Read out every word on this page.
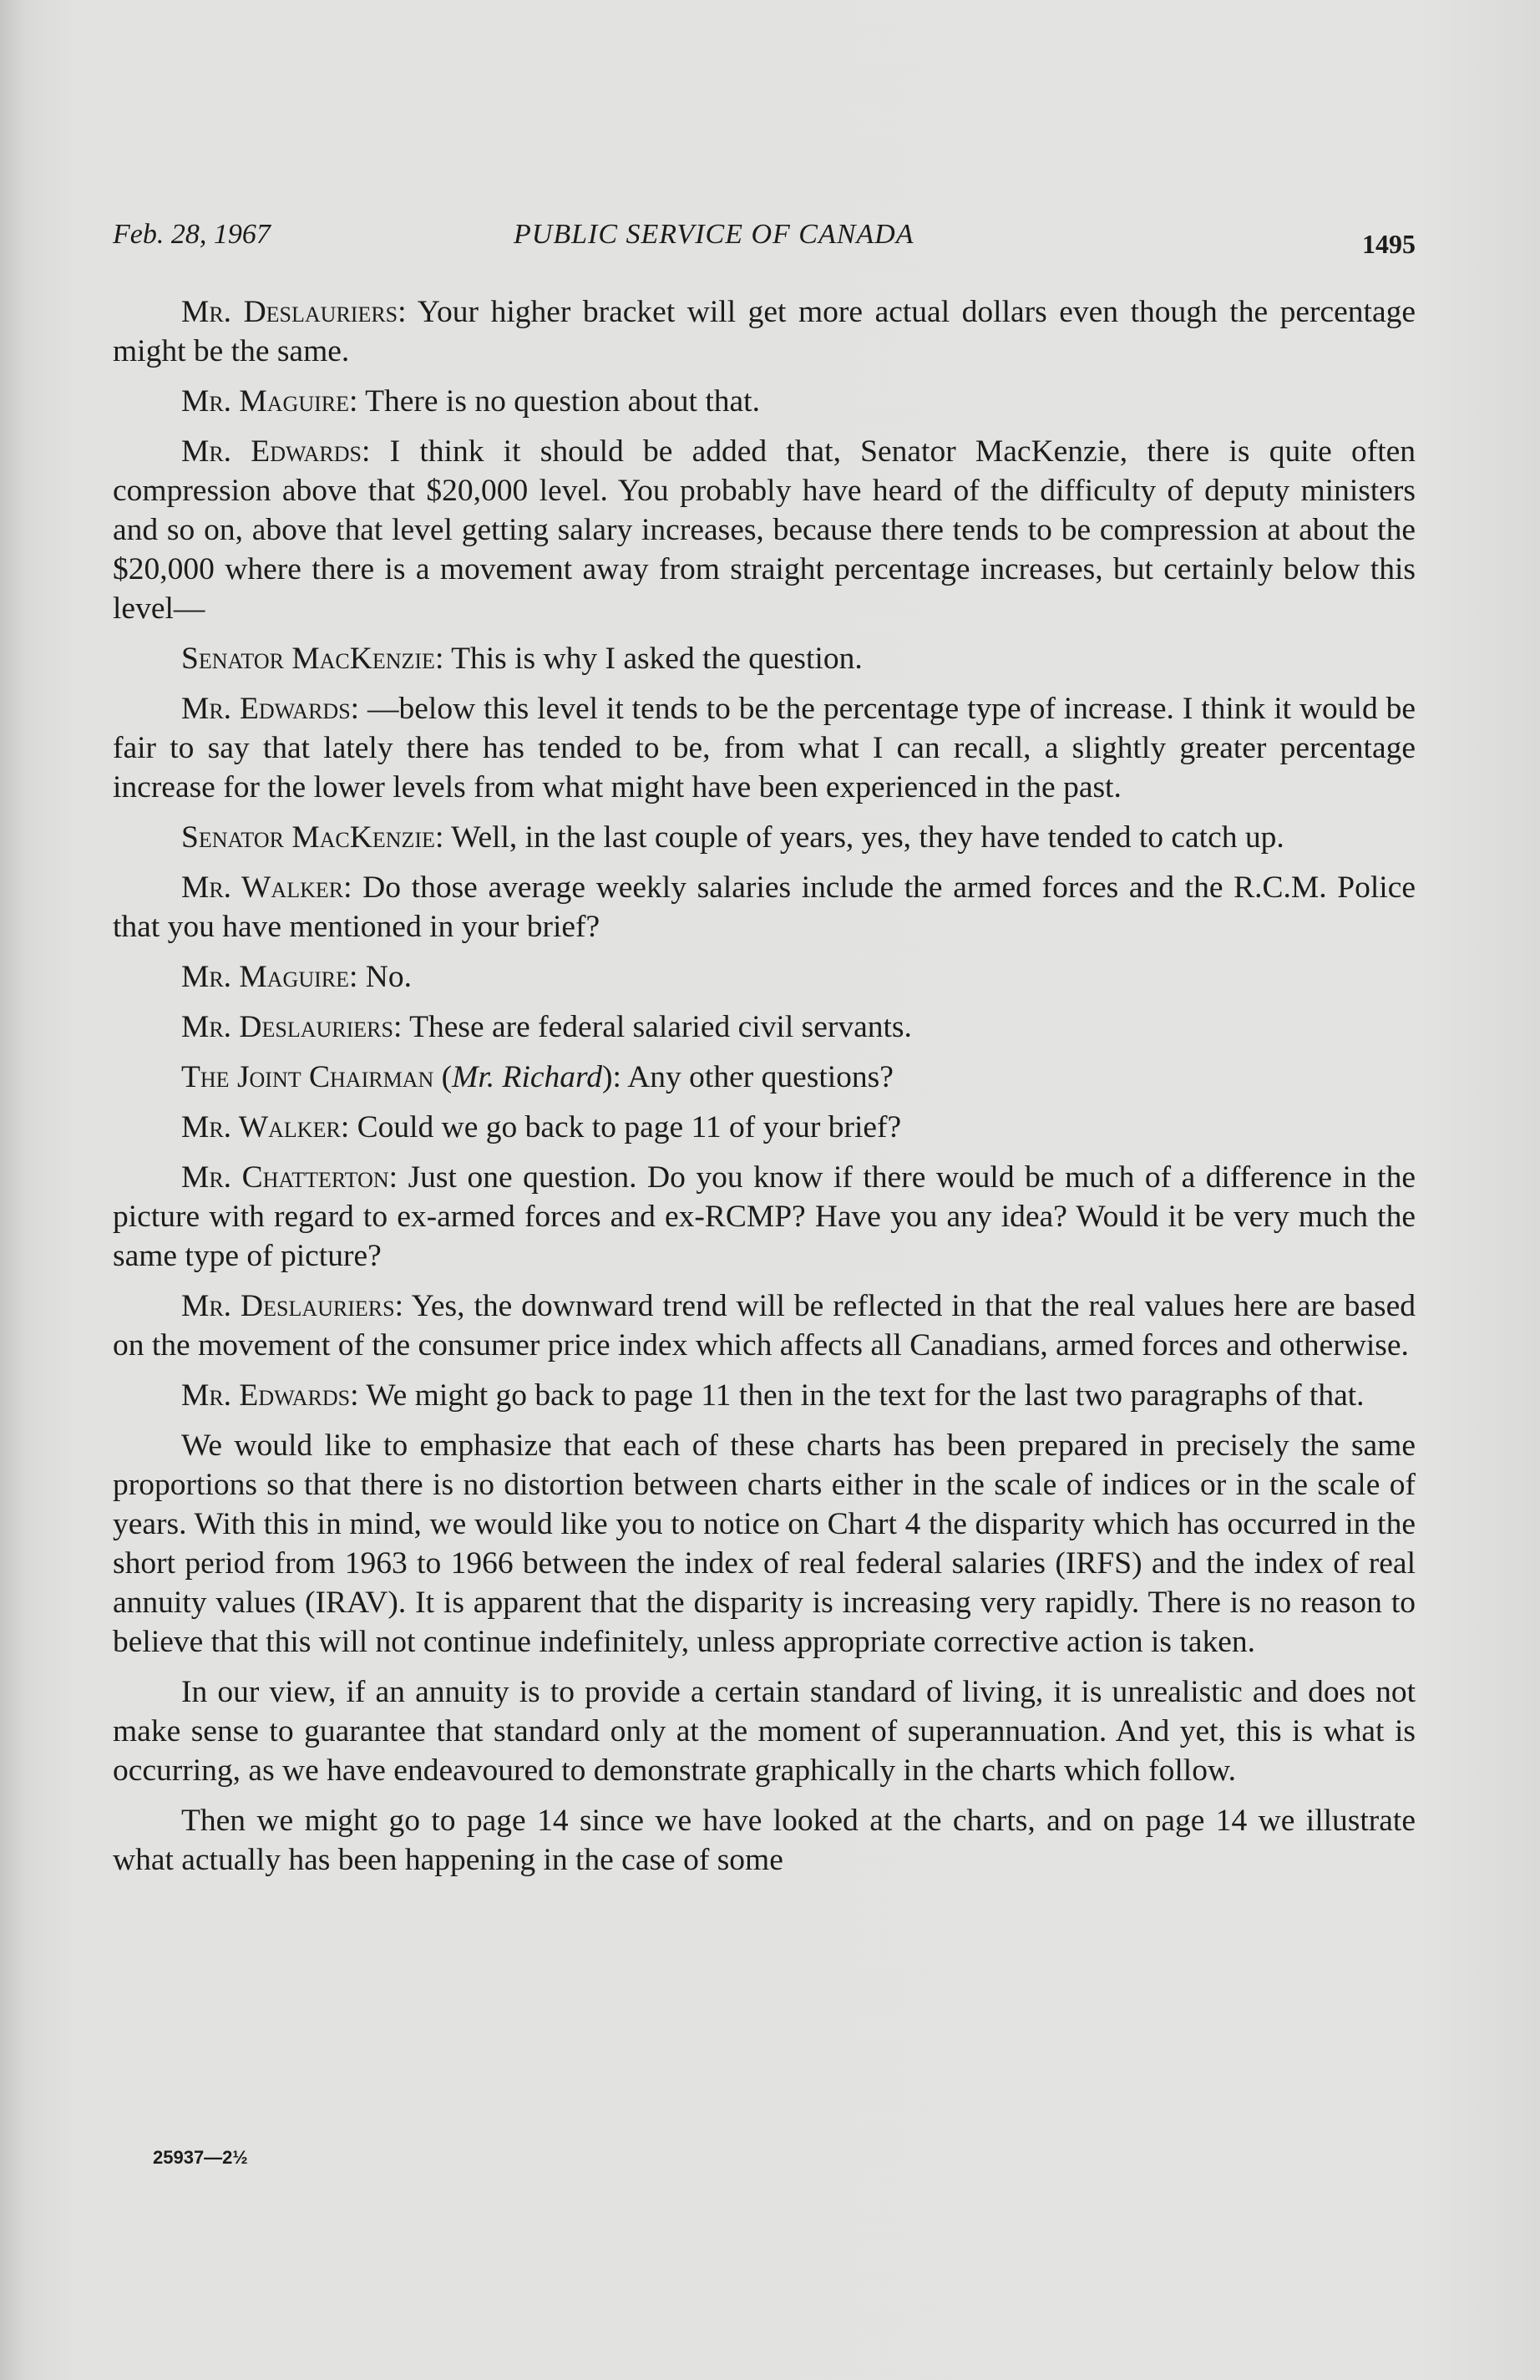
Feb. 28, 1967	PUBLIC SERVICE OF CANADA	1495

Mr. Deslauriers: Your higher bracket will get more actual dollars even though the percentage might be the same.

Mr. Maguire: There is no question about that.

Mr. Edwards: I think it should be added that, Senator MacKenzie, there is quite often compression above that $20,000 level. You probably have heard of the difficulty of deputy ministers and so on, above that level getting salary increases, because there tends to be compression at about the $20,000 where there is a movement away from straight percentage increases, but certainly below this level—

Senator MacKenzie: This is why I asked the question.

Mr. Edwards: —below this level it tends to be the percentage type of increase. I think it would be fair to say that lately there has tended to be, from what I can recall, a slightly greater percentage increase for the lower levels from what might have been experienced in the past.

Senator MacKenzie: Well, in the last couple of years, yes, they have tended to catch up.

Mr. Walker: Do those average weekly salaries include the armed forces and the R.C.M. Police that you have mentioned in your brief?

Mr. Maguire: No.

Mr. Deslauriers: These are federal salaried civil servants.

The Joint Chairman (Mr. Richard): Any other questions?

Mr. Walker: Could we go back to page 11 of your brief?

Mr. Chatterton: Just one question. Do you know if there would be much of a difference in the picture with regard to ex-armed forces and ex-RCMP? Have you any idea? Would it be very much the same type of picture?

Mr. Deslauriers: Yes, the downward trend will be reflected in that the real values here are based on the movement of the consumer price index which affects all Canadians, armed forces and otherwise.

Mr. Edwards: We might go back to page 11 then in the text for the last two paragraphs of that.

We would like to emphasize that each of these charts has been prepared in precisely the same proportions so that there is no distortion between charts either in the scale of indices or in the scale of years. With this in mind, we would like you to notice on Chart 4 the disparity which has occurred in the short period from 1963 to 1966 between the index of real federal salaries (IRFS) and the index of real annuity values (IRAV). It is apparent that the disparity is increasing very rapidly. There is no reason to believe that this will not continue indefinitely, unless appropriate corrective action is taken.

In our view, if an annuity is to provide a certain standard of living, it is unrealistic and does not make sense to guarantee that standard only at the moment of superannuation. And yet, this is what is occurring, as we have endeavoured to demonstrate graphically in the charts which follow.

Then we might go to page 14 since we have looked at the charts, and on page 14 we illustrate what actually has been happening in the case of some

25937—2½
